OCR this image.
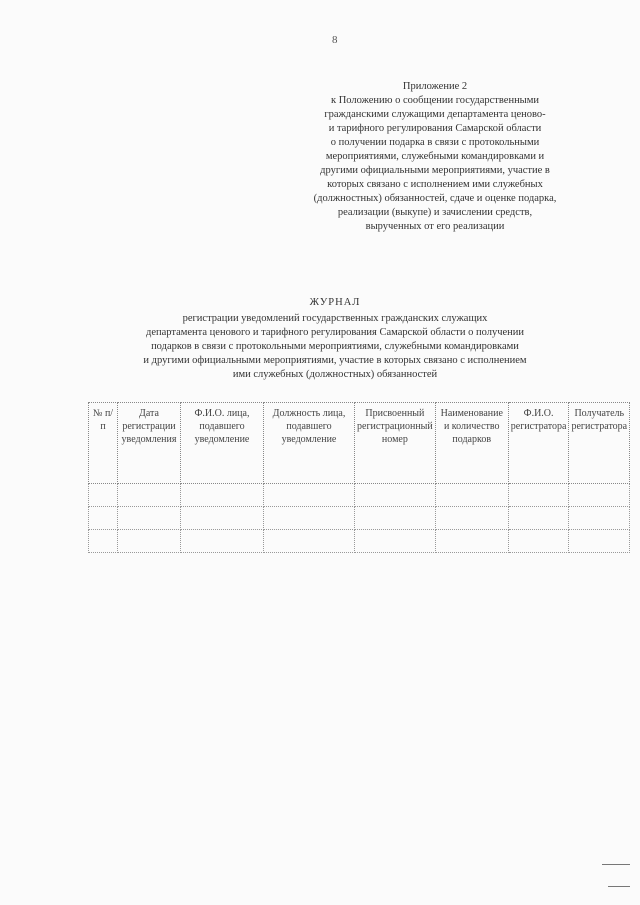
8
Приложение 2
к Положению о сообщении государственными
гражданскими служащими департамента ценово-
и тарифного регулирования Самарской области
о получении подарка в связи с протокольными
мероприятиями, служебными командировками и
другими официальными мероприятиями, участие в
которых связано с исполнением ими служебных
(должностных) обязанностей, сдаче и оценке подарка,
реализации (выкупе) и зачислении средств,
вырученных от его реализации
ЖУРНАЛ
регистрации уведомлений государственных гражданских служащих
департамента ценового и тарифного регулирования Самарской области о получении
подарков в связи с протокольными мероприятиями, служебными командировками
и другими официальными мероприятиями, участие в которых связано с исполнением
ими служебных (должностных) обязанностей
№ п/п	Дата регистрации уведомления	Ф.И.О. лица, подавшего уведомление	Должность лица, подавшего уведомление	Присвоенный регистрационный номер	Наименование и количество подарков	Ф.И.О. регистратора	Получатель регистратора
